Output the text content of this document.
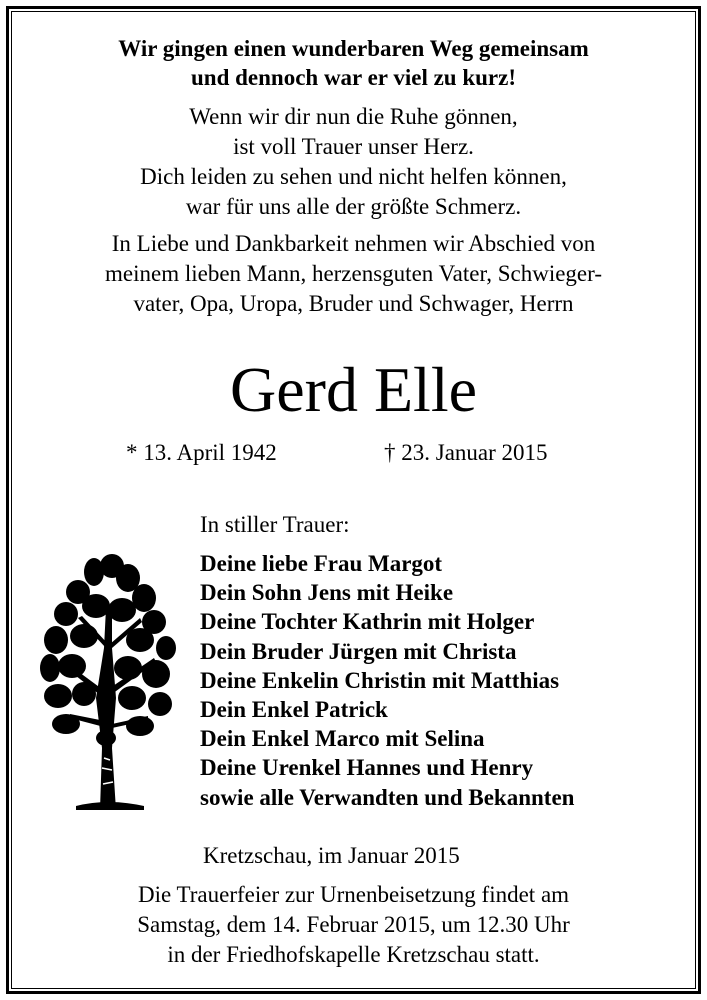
Wir gingen einen wunderbaren Weg gemeinsam
und dennoch war er viel zu kurz!
Wenn wir dir nun die Ruhe gönnen,
ist voll Trauer unser Herz.
Dich leiden zu sehen und nicht helfen können,
war für uns alle der größte Schmerz.
In Liebe und Dankbarkeit nehmen wir Abschied von
meinem lieben Mann, herzensguten Vater, Schwieger-
vater, Opa, Uropa, Bruder und Schwager, Herrn
Gerd Elle
* 13. April 1942	† 23. Januar 2015
In stiller Trauer:
Deine liebe Frau Margot
Dein Sohn Jens mit Heike
Deine Tochter Kathrin mit Holger
Dein Bruder Jürgen mit Christa
Deine Enkelin Christin mit Matthias
Dein Enkel Patrick
Dein Enkel Marco mit Selina
Deine Urenkel Hannes und Henry
sowie alle Verwandten und Bekannten
Kretzschau, im Januar 2015
Die Trauerfeier zur Urnenbeisetzung findet am
Samstag, dem 14. Februar 2015, um 12.30 Uhr
in der Friedhofskapelle Kretzschau statt.
